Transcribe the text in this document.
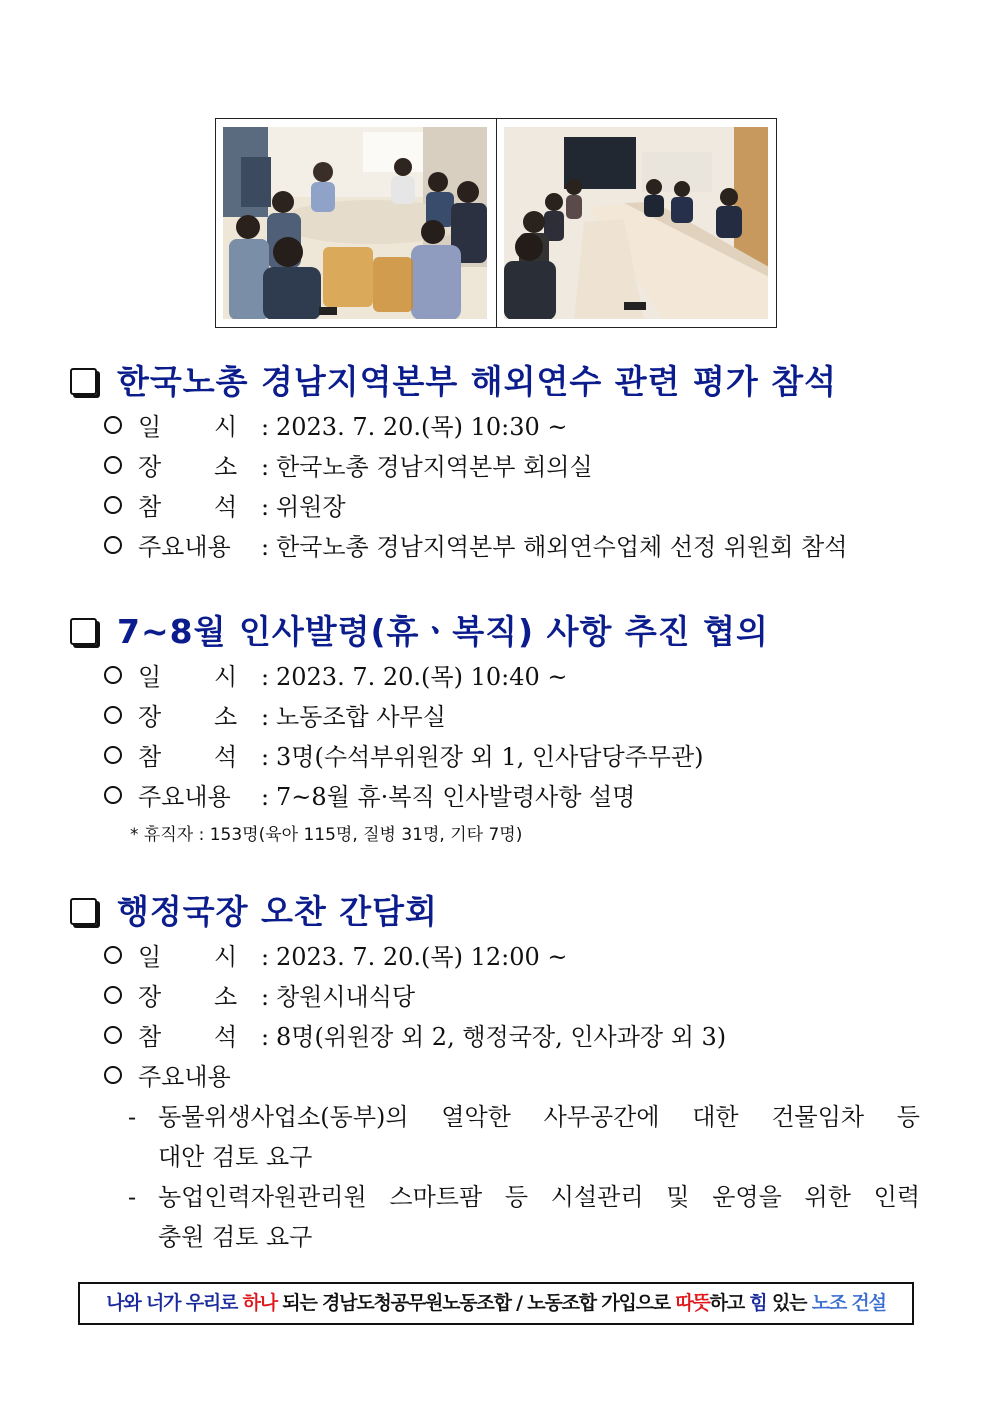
한국노총 경남지역본부 해외연수 관련 평가 참석
일 시 : 2023. 7. 20.(목) 10:30 ~
장 소 : 한국노총 경남지역본부 회의실
참 석 : 위원장
주요내용 : 한국노총 경남지역본부 해외연수업체 선정 위원회 참석
7~8월 인사발령(휴ㆍ복직) 사항 추진 협의
일 시 : 2023. 7. 20.(목) 10:40 ~
장 소 : 노동조합 사무실
참 석 : 3명(수석부위원장 외 1, 인사담당주무관)
주요내용 : 7~8월 휴·복직 인사발령사항 설명
* 휴직자 : 153명(육아 115명, 질병 31명, 기타 7명)
행정국장 오찬 간담회
일 시 : 2023. 7. 20.(목) 12:00 ~
장 소 : 창원시내식당
참 석 : 8명(위원장 외 2, 행정국장, 인사과장 외 3)
주요내용
- 동물위생사업소(동부)의 열악한 사무공간에 대한 건물임차 등
대안 검토 요구
- 농업인력자원관리원 스마트팜 등 시설관리 및 운영을 위한 인력
충원 검토 요구
나와 너가 우리로 하나 되는 경남도청공무원노동조합 / 노동조합 가입으로 따뜻하고 힘 있는 노조 건설
